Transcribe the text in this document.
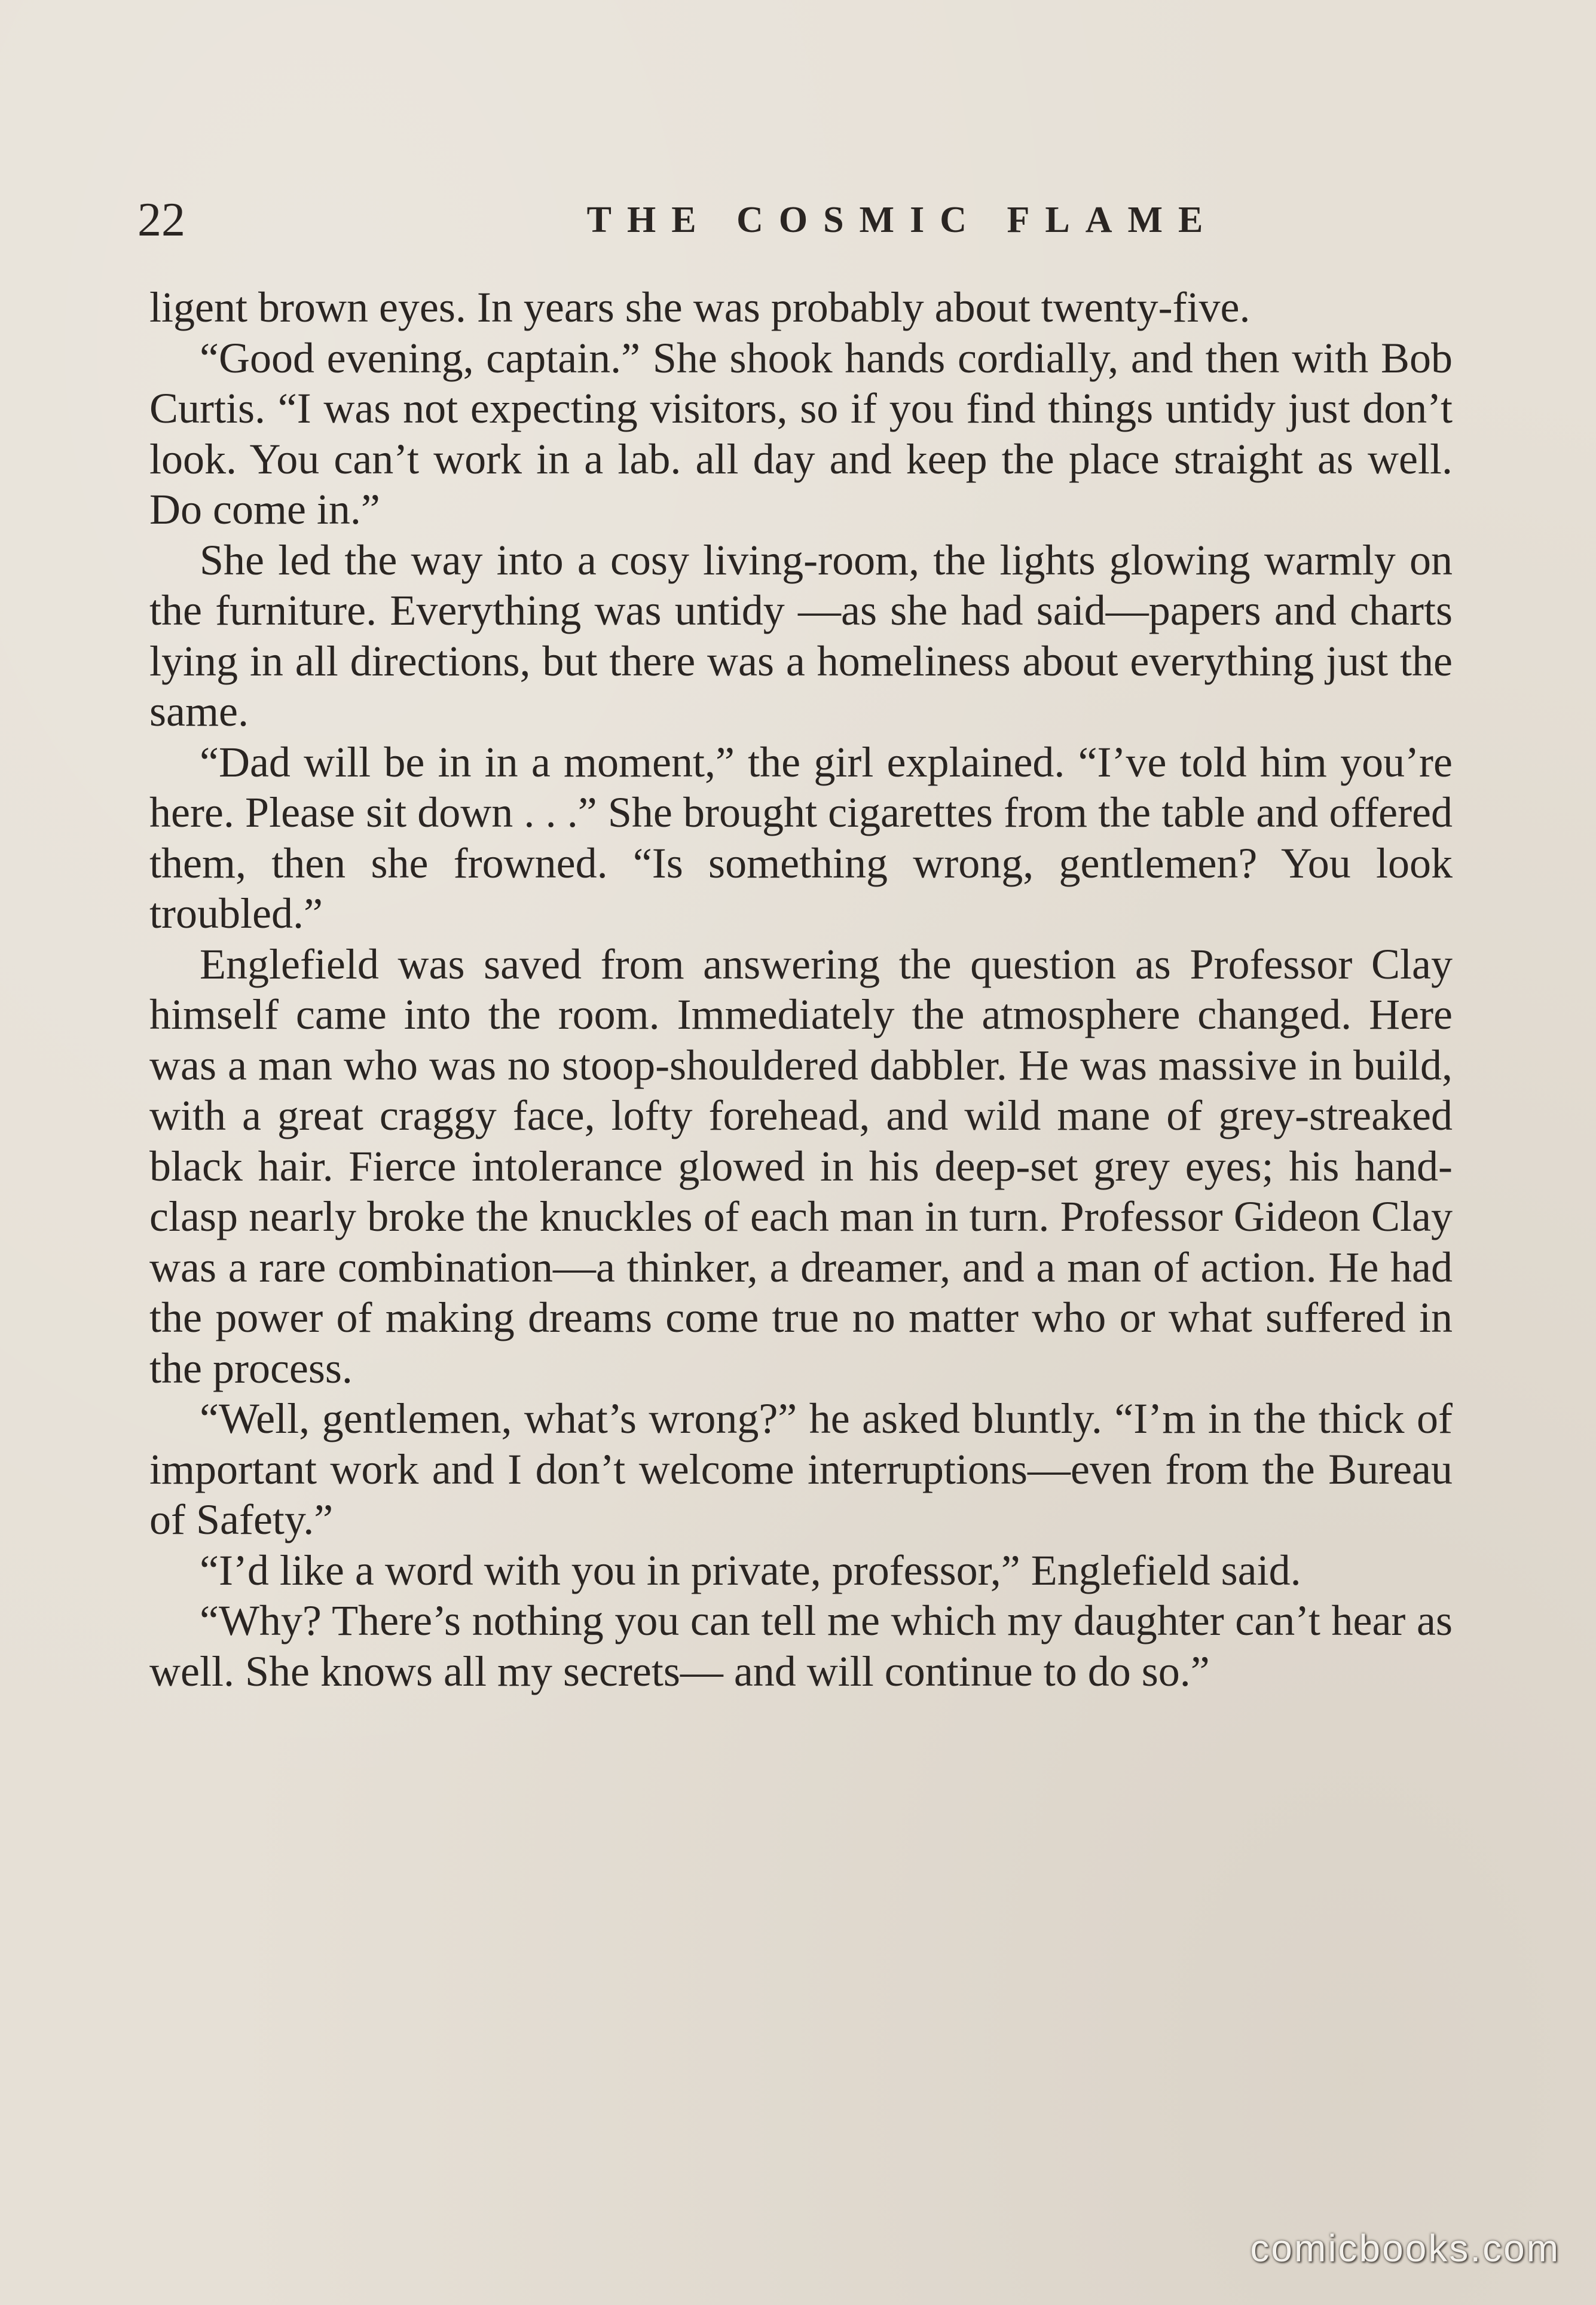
22	THE COSMIC FLAME

ligent brown eyes. In years she was probably about twenty-five.

“Good evening, captain.” She shook hands cordially, and then with Bob Curtis. “I was not expecting visitors, so if you find things untidy just don’t look. You can’t work in a lab. all day and keep the place straight as well. Do come in.”

She led the way into a cosy living-room, the lights glowing warmly on the furniture. Everything was untidy —as she had said—papers and charts lying in all directions, but there was a homeliness about everything just the same.

“Dad will be in in a moment,” the girl explained. “I’ve told him you’re here. Please sit down . . .” She brought cigarettes from the table and offered them, then she frowned. “Is something wrong, gentlemen? You look troubled.”

Englefield was saved from answering the question as Professor Clay himself came into the room. Immediately the atmosphere changed. Here was a man who was no stoop-shouldered dabbler. He was massive in build, with a great craggy face, lofty forehead, and wild mane of grey-streaked black hair. Fierce intolerance glowed in his deep-set grey eyes; his hand-clasp nearly broke the knuckles of each man in turn. Professor Gideon Clay was a rare combination—a thinker, a dreamer, and a man of action. He had the power of making dreams come true no matter who or what suffered in the process.

“Well, gentlemen, what’s wrong?” he asked bluntly. “I’m in the thick of important work and I don’t welcome interruptions—even from the Bureau of Safety.”

“I’d like a word with you in private, professor,” Englefield said.

“Why? There’s nothing you can tell me which my daughter can’t hear as well. She knows all my secrets— and will continue to do so.”

comicbooks.com
